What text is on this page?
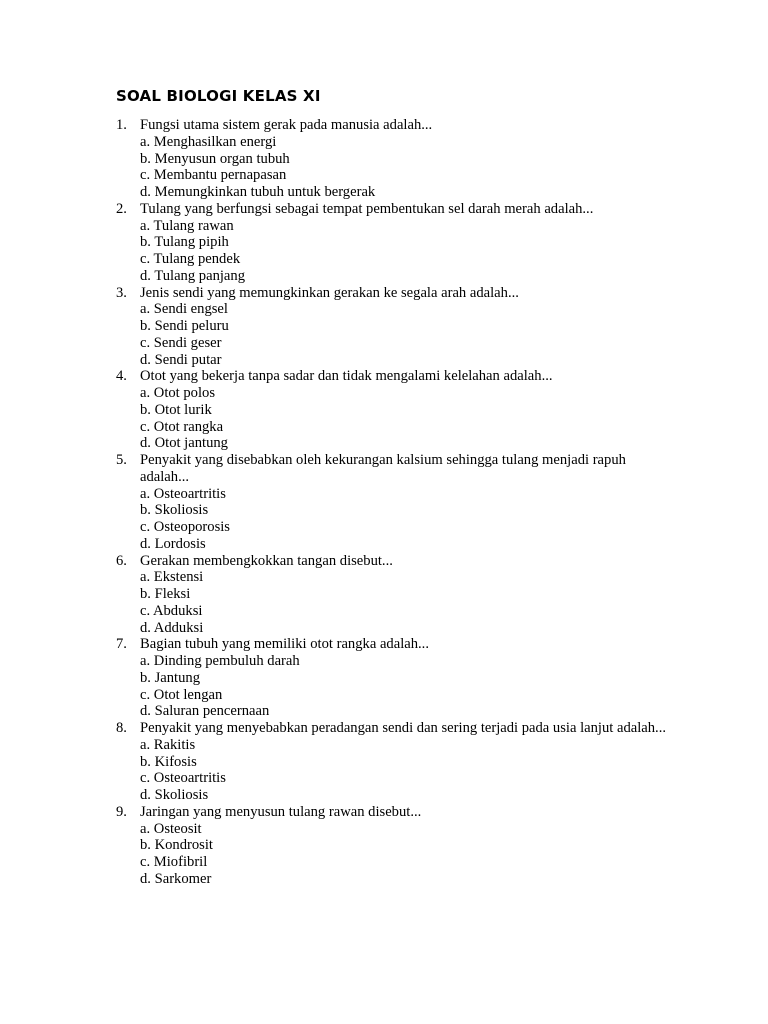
SOAL BIOLOGI KELAS XI
1. Fungsi utama sistem gerak pada manusia adalah...
a. Menghasilkan energi
b. Menyusun organ tubuh
c. Membantu pernapasan
d. Memungkinkan tubuh untuk bergerak
2. Tulang yang berfungsi sebagai tempat pembentukan sel darah merah adalah...
a. Tulang rawan
b. Tulang pipih
c. Tulang pendek
d. Tulang panjang
3. Jenis sendi yang memungkinkan gerakan ke segala arah adalah...
a. Sendi engsel
b. Sendi peluru
c. Sendi geser
d. Sendi putar
4. Otot yang bekerja tanpa sadar dan tidak mengalami kelelahan adalah...
a. Otot polos
b. Otot lurik
c. Otot rangka
d. Otot jantung
5. Penyakit yang disebabkan oleh kekurangan kalsium sehingga tulang menjadi rapuh adalah...
a. Osteoartritis
b. Skoliosis
c. Osteoporosis
d. Lordosis
6. Gerakan membengkokkan tangan disebut...
a. Ekstensi
b. Fleksi
c. Abduksi
d. Adduksi
7. Bagian tubuh yang memiliki otot rangka adalah...
a. Dinding pembuluh darah
b. Jantung
c. Otot lengan
d. Saluran pencernaan
8. Penyakit yang menyebabkan peradangan sendi dan sering terjadi pada usia lanjut adalah...
a. Rakitis
b. Kifosis
c. Osteoartritis
d. Skoliosis
9. Jaringan yang menyusun tulang rawan disebut...
a. Osteosit
b. Kondrosit
c. Miofibril
d. Sarkomer
